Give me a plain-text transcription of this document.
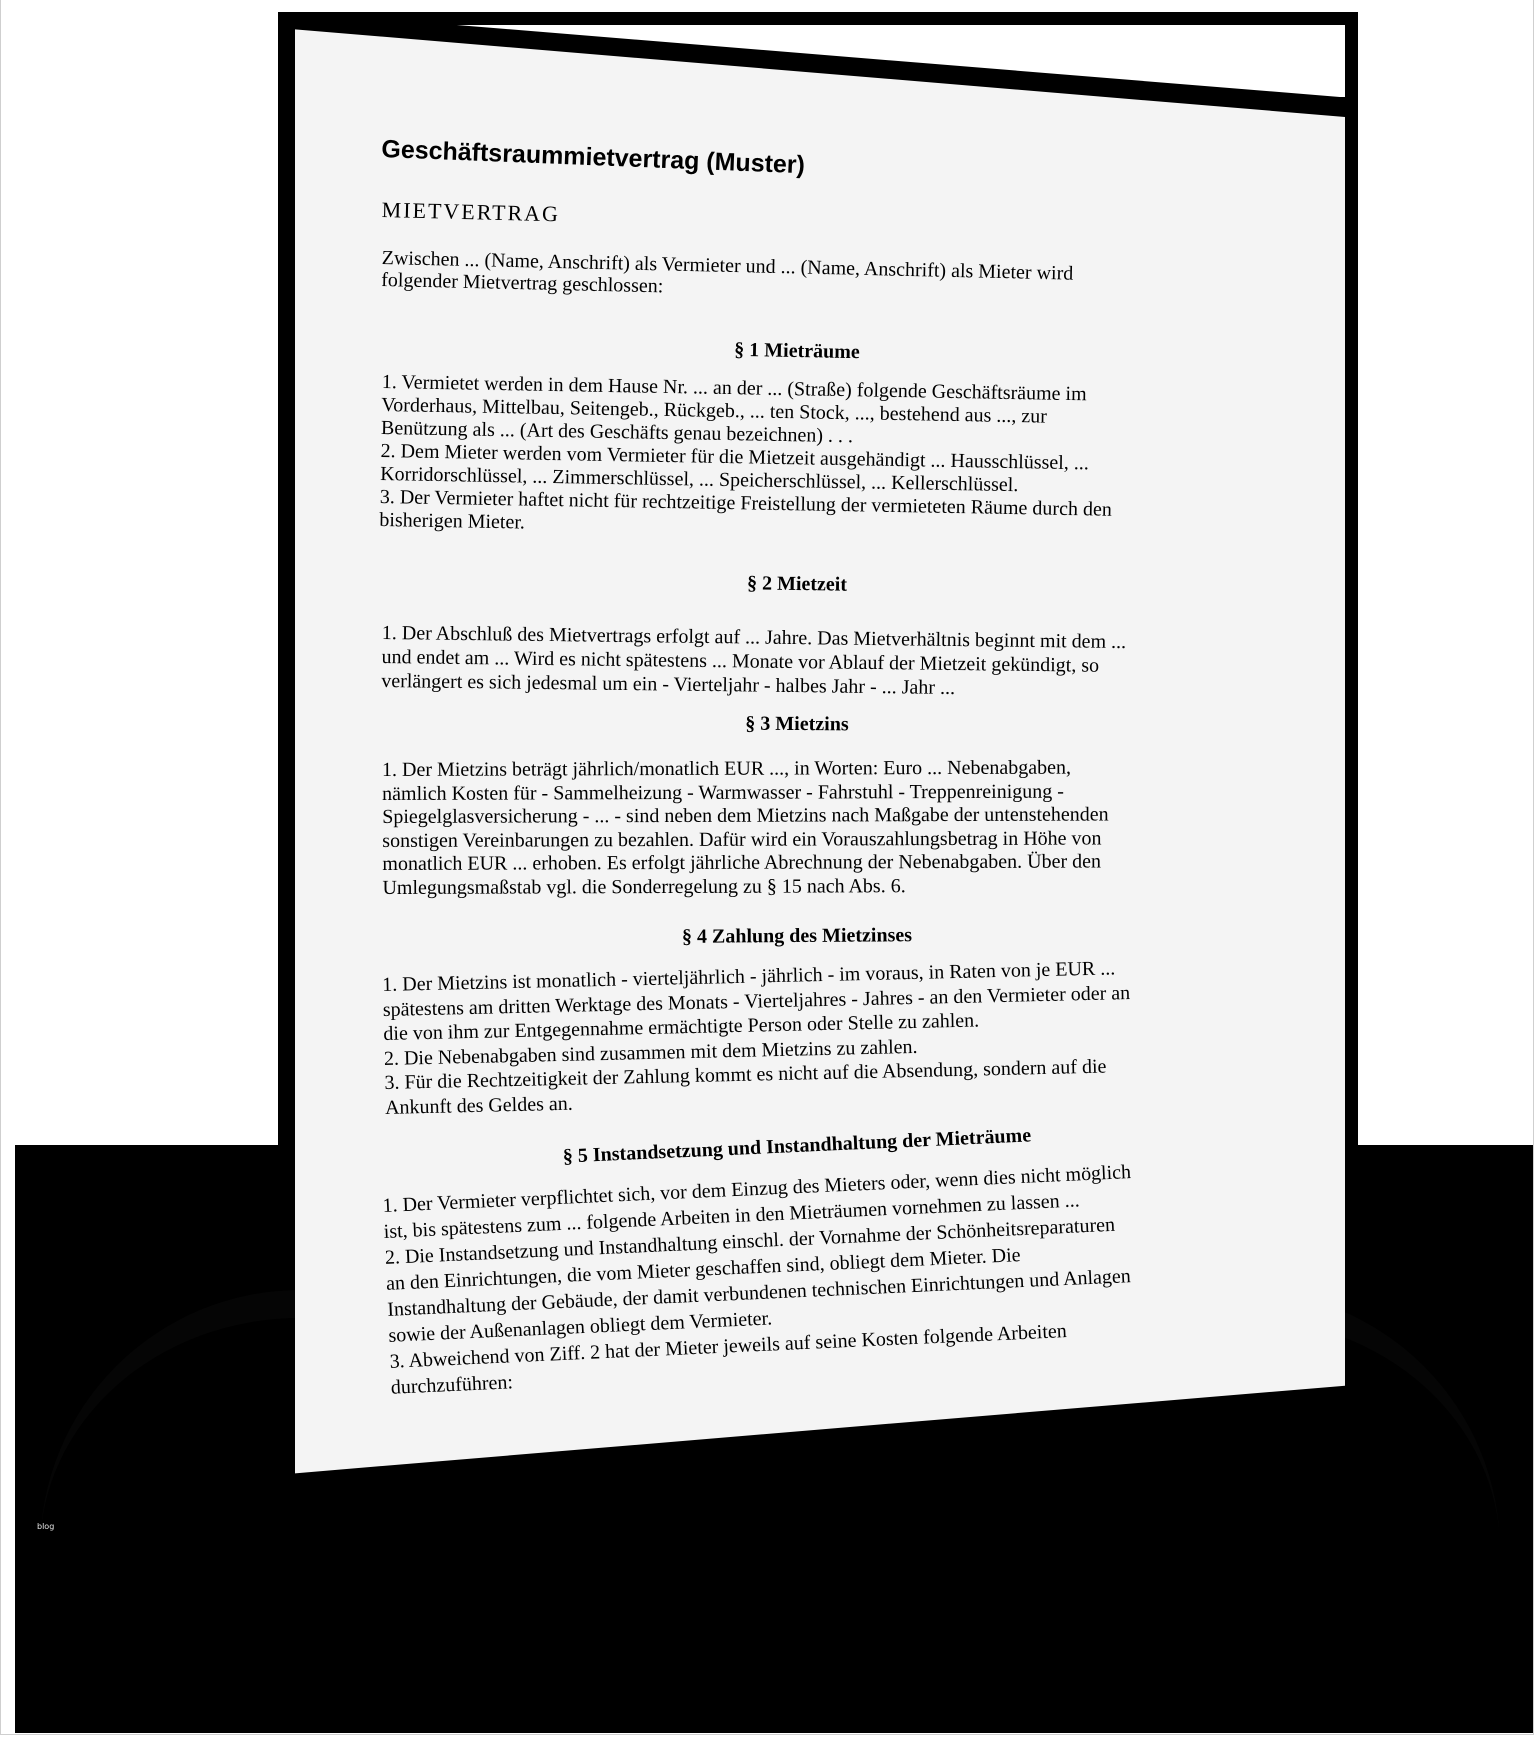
Geschäftsraummietvertrag (Muster)
MIETVERTRAG
Zwischen ... (Name, Anschrift) als Vermieter und ... (Name, Anschrift) als Mieter wird
folgender Mietvertrag geschlossen:
§ 1 Mieträume
1. Vermietet werden in dem Hause Nr. ... an der ... (Straße) folgende Geschäftsräume im
Vorderhaus, Mittelbau, Seitengeb., Rückgeb., ... ten Stock, ..., bestehend aus ..., zur
Benützung als ... (Art des Geschäfts genau bezeichnen) . . .
2. Dem Mieter werden vom Vermieter für die Mietzeit ausgehändigt ... Hausschlüssel, ...
Korridorschlüssel, ... Zimmerschlüssel, ... Speicherschlüssel, ... Kellerschlüssel.
3. Der Vermieter haftet nicht für rechtzeitige Freistellung der vermieteten Räume durch den
bisherigen Mieter.
§ 2 Mietzeit
1. Der Abschluß des Mietvertrags erfolgt auf ... Jahre. Das Mietverhältnis beginnt mit dem ...
und endet am ... Wird es nicht spätestens ... Monate vor Ablauf der Mietzeit gekündigt, so
verlängert es sich jedesmal um ein - Vierteljahr - halbes Jahr - ... Jahr ...
§ 3 Mietzins
1. Der Mietzins beträgt jährlich/monatlich EUR ..., in Worten: Euro ... Nebenabgaben,
nämlich Kosten für - Sammelheizung - Warmwasser - Fahrstuhl - Treppenreinigung -
Spiegelglasversicherung - ... - sind neben dem Mietzins nach Maßgabe der untenstehenden
sonstigen Vereinbarungen zu bezahlen. Dafür wird ein Vorauszahlungsbetrag in Höhe von
monatlich EUR ... erhoben. Es erfolgt jährliche Abrechnung der Nebenabgaben. Über den
Umlegungsmaßstab vgl. die Sonderregelung zu § 15 nach Abs. 6.
§ 4 Zahlung des Mietzinses
1. Der Mietzins ist monatlich - vierteljährlich - jährlich - im voraus, in Raten von je EUR ...
spätestens am dritten Werktage des Monats - Vierteljahres - Jahres - an den Vermieter oder an
die von ihm zur Entgegennahme ermächtigte Person oder Stelle zu zahlen.
2. Die Nebenabgaben sind zusammen mit dem Mietzins zu zahlen.
3. Für die Rechtzeitigkeit der Zahlung kommt es nicht auf die Absendung, sondern auf die
Ankunft des Geldes an.
§ 5 Instandsetzung und Instandhaltung der Mieträume
1. Der Vermieter verpflichtet sich, vor dem Einzug des Mieters oder, wenn dies nicht möglich
ist, bis spätestens zum ... folgende Arbeiten in den Mieträumen vornehmen zu lassen ...
2. Die Instandsetzung und Instandhaltung einschl. der Vornahme der Schönheitsreparaturen
an den Einrichtungen, die vom Mieter geschaffen sind, obliegt dem Mieter. Die
Instandhaltung der Gebäude, der damit verbundenen technischen Einrichtungen und Anlagen
sowie der Außenanlagen obliegt dem Vermieter.
3. Abweichend von Ziff. 2 hat der Mieter jeweils auf seine Kosten folgende Arbeiten
durchzuführen:
blog
